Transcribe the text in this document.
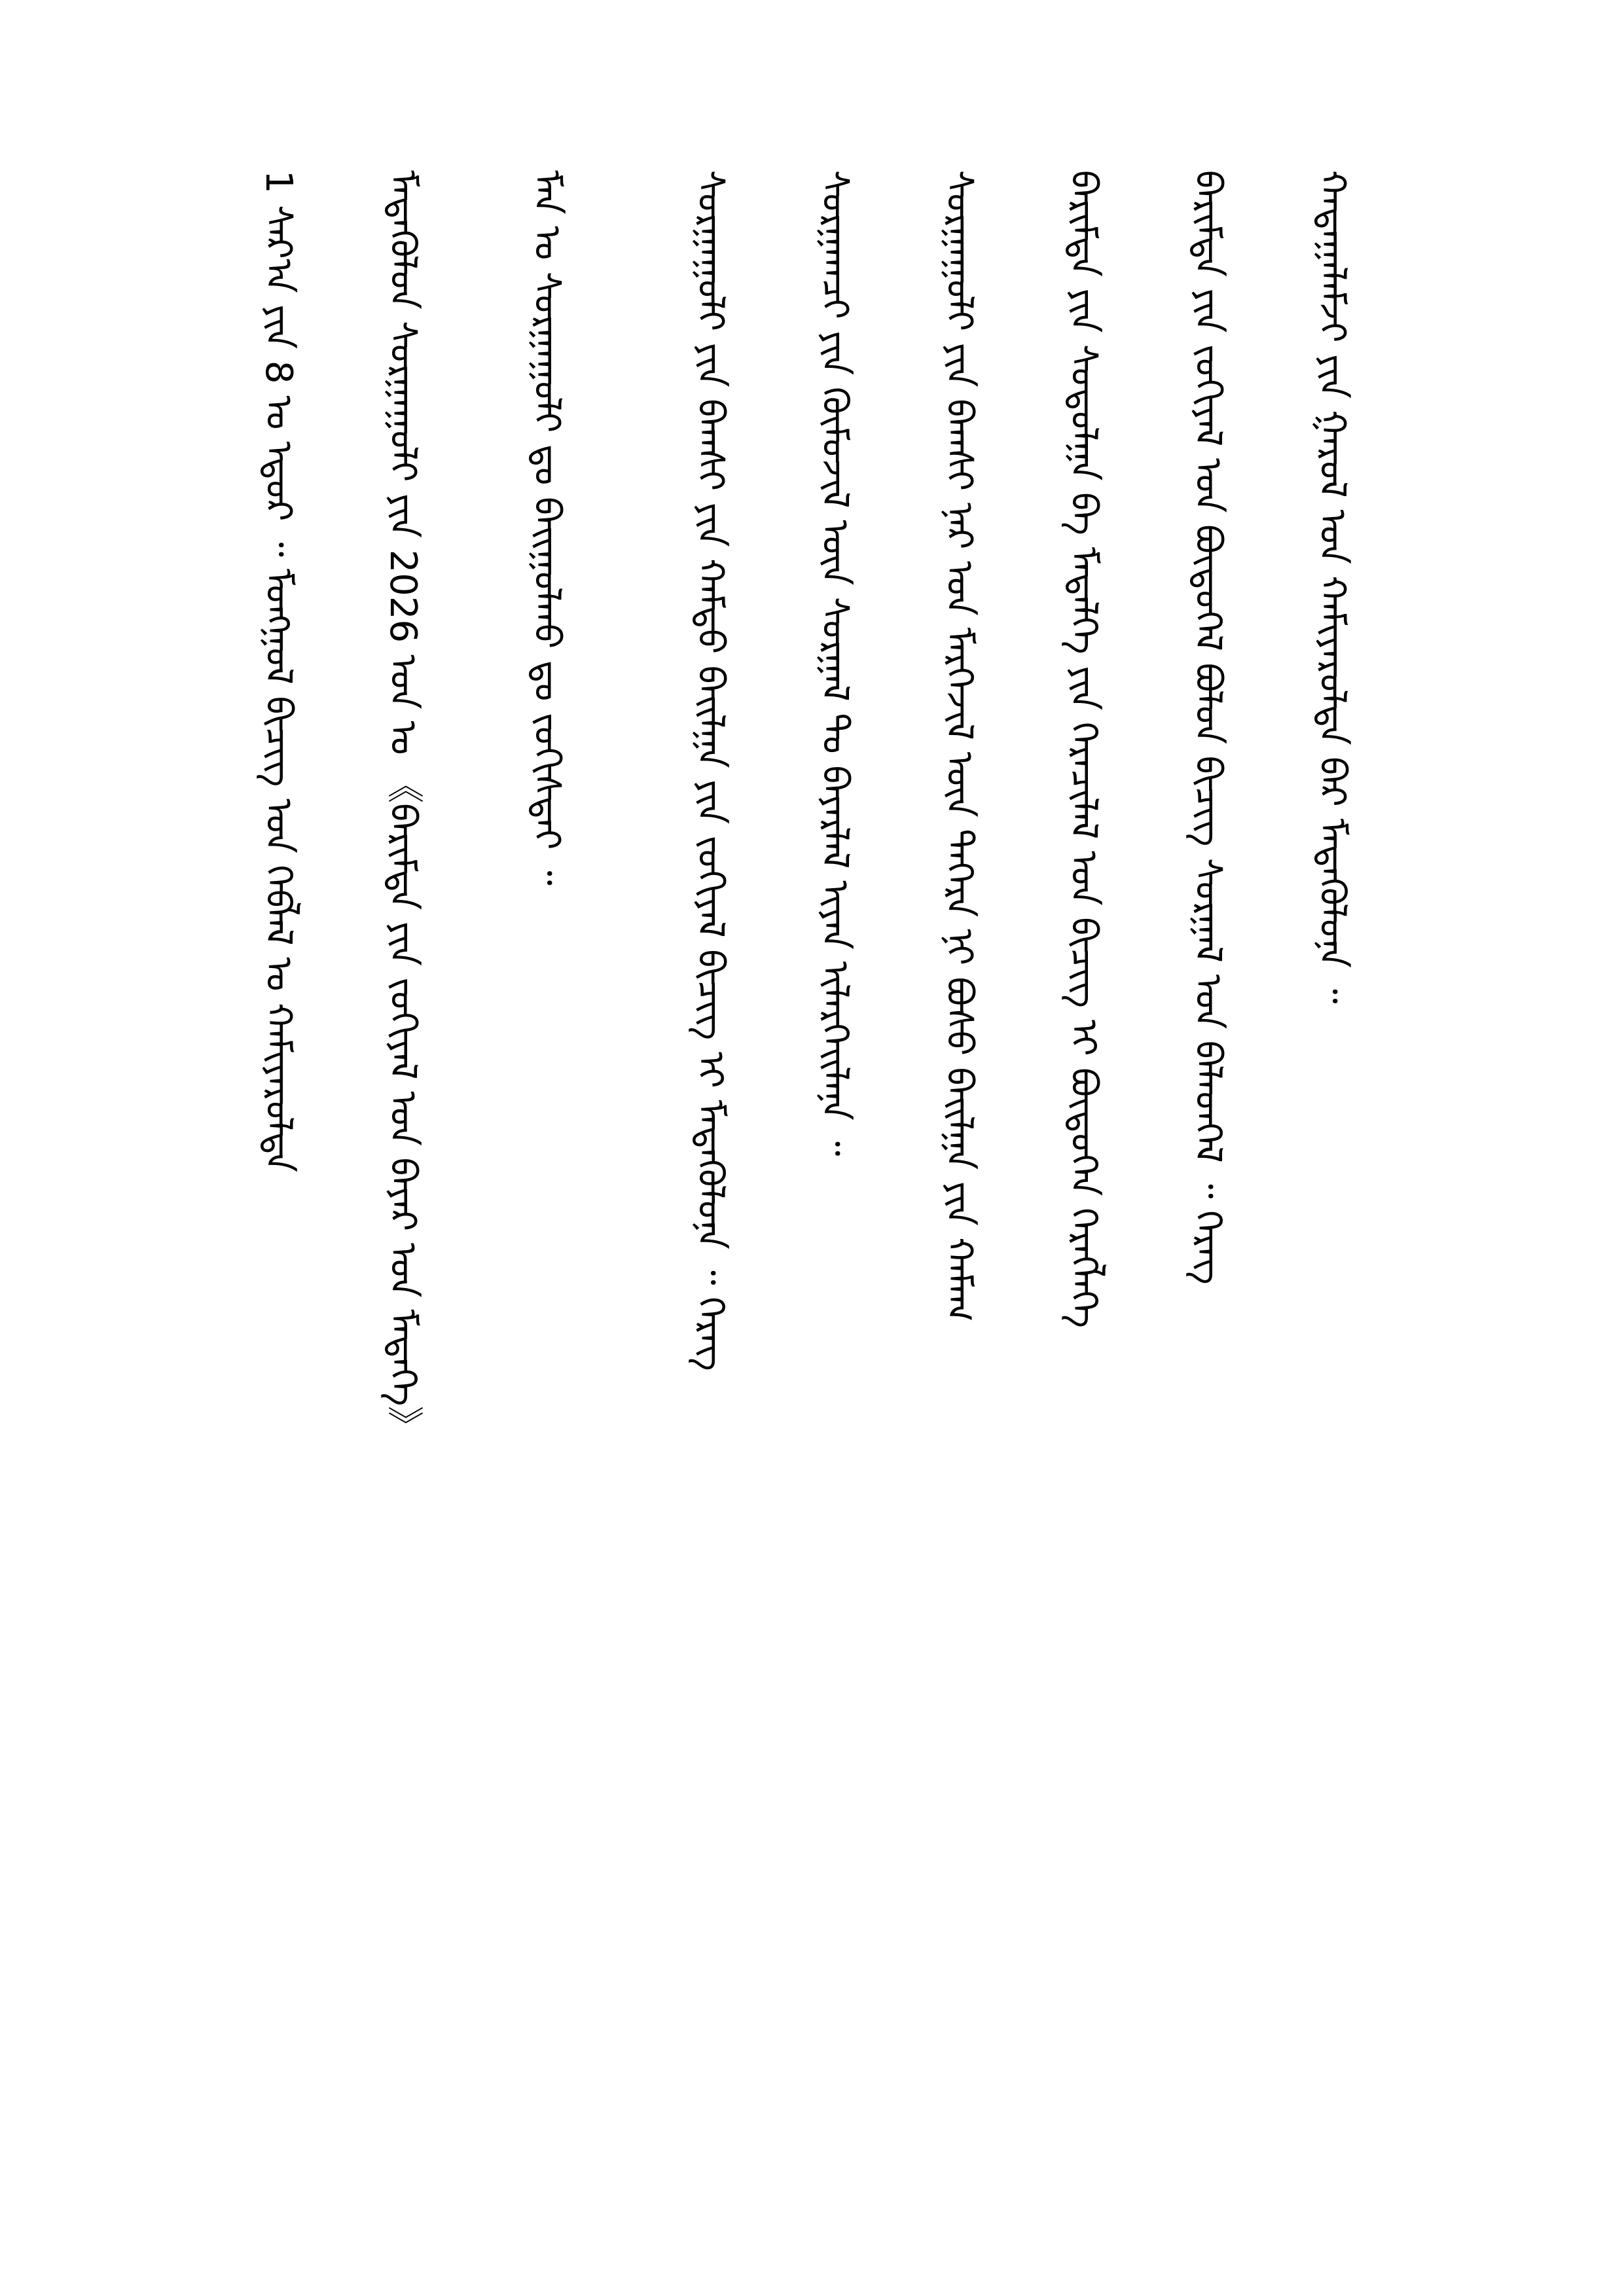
ᠬᠠᠳᠠᠭᠠᠯᠠᠮᠵᠢ ᠶᠢᠨ ᠭᠠᠷᠤᠯ ᠤᠨ ᠬᠠᠮᠢᠶᠠᠷᠤᠯᠲᠠ ᠪᠠᠷ ᠮᠡᠳᠡᠭᠦᠯᠦᠨᠡ ᠃
ᠪᠠᠷᠢᠮᠲᠠ ᠶᠢᠨ ᠵᠣᠬᠢᠶᠠᠯ ᠤᠨ ᠪᠦᠲᠦᠭᠡᠯ ᠪᠤᠯᠤᠨ ᠪᠢᠴᠢᠭ ᠰᠤᠷᠭᠠᠯ ᠤᠨ ᠪᠡᠯᠡᠳᠬᠡᠯ ᠃ ᠬᠡᠷᠡᠭ
ᠪᠠᠷᠢᠮᠲᠠ ᠶᠢᠨ ᠰᠤᠳᠤᠯᠭᠠ ᠪᠠ ᠮᠡᠳᠡᠯᠭᠡ ᠶᠢᠨ ᠭᠡᠷᠡᠴᠢᠯᠡᠯ ᠤᠨ ᠪᠢᠴᠢᠭ ᠢ ᠪᠦᠲᠦᠭᠡᠨ ᠬᠡᠷᠡᠭᠯᠡᠭᠡ
ᠰᠤᠷᠭᠠᠭᠤᠯᠢ ᠶᠢᠨ ᠪᠠᠭᠰᠢ ᠨᠠᠷ ᠤᠨ ᠮᠡᠷᠭᠡᠵᠢᠯ ᠦᠨ ᠳᠡᠭᠡᠷᠡ ᠨᠢ ᠪᠤᠰᠤ ᠪᠠᠢᠯᠭᠠ ᠶᠢᠨ ᠬᠠᠮᠠᠭ
ᠰᠤᠷᠭᠠᠭᠴᠢ ᠶᠢᠨ ᠬᠦᠮᠦᠵᠢᠯ ᠦᠨ ᠰᠤᠷᠭᠠᠯ ᠲᠤ ᠪᠠᠶᠠᠷᠯᠠᠯ ᠢᠶᠠᠨ ᠢᠯᠡᠷᠬᠡᠢᠯᠡᠨᠡ ᠃
ᠰᠤᠷᠭᠠᠭᠤᠯᠢ ᠶᠢᠨ ᠪᠠᠭᠰᠢ ᠶᠢᠨ ᠬᠠᠮᠲᠤ ᠪᠠᠢᠯᠭᠠ ᠶᠢᠨ ᠵᠣᠬᠢᠶᠠᠯ ᠪᠢᠴᠢᠭ ᠢ ᠮᠡᠳᠡᠭᠦᠯᠦᠨᠡ ᠃ ᠬᠡᠷᠡᠭ
ᠮᠠᠨ ᠤ ᠰᠤᠷᠭᠠᠭᠤᠯᠢ ᠳᠤ ᠪᠠᠢᠭᠤᠯᠬᠤ ᠳᠤ ᠵᠣᠬᠢᠰᠲᠠᠢ ᠃
ᠮᠡᠳᠡᠭᠦᠯᠦᠨ ᠰᠤᠷᠭᠠᠭᠤᠯᠢ ᠶᠢᠨ 2026 ᠣᠨ ᠤ 《ᠪᠠᠷᠢᠮᠲᠠ ᠶᠢᠨ ᠵᠣᠬᠢᠶᠠᠯ ᠤᠨ ᠪᠠᠶᠠᠷ ᠤᠨ ᠮᠡᠳᠡᠭᠡ》
1 ᠰᠠᠷ᠎ᠠ ᠶᠢᠨ 8 ᠤ ᠡᠳᠦᠷ ᠃ ᠮᠣᠩᠭᠣᠯ ᠪᠢᠴᠢᠭ ᠤᠨ ᠬᠡᠪᠯᠡᠯ ᠤ ᠬᠠᠮᠢᠶᠠᠷᠤᠯᠲᠠ
